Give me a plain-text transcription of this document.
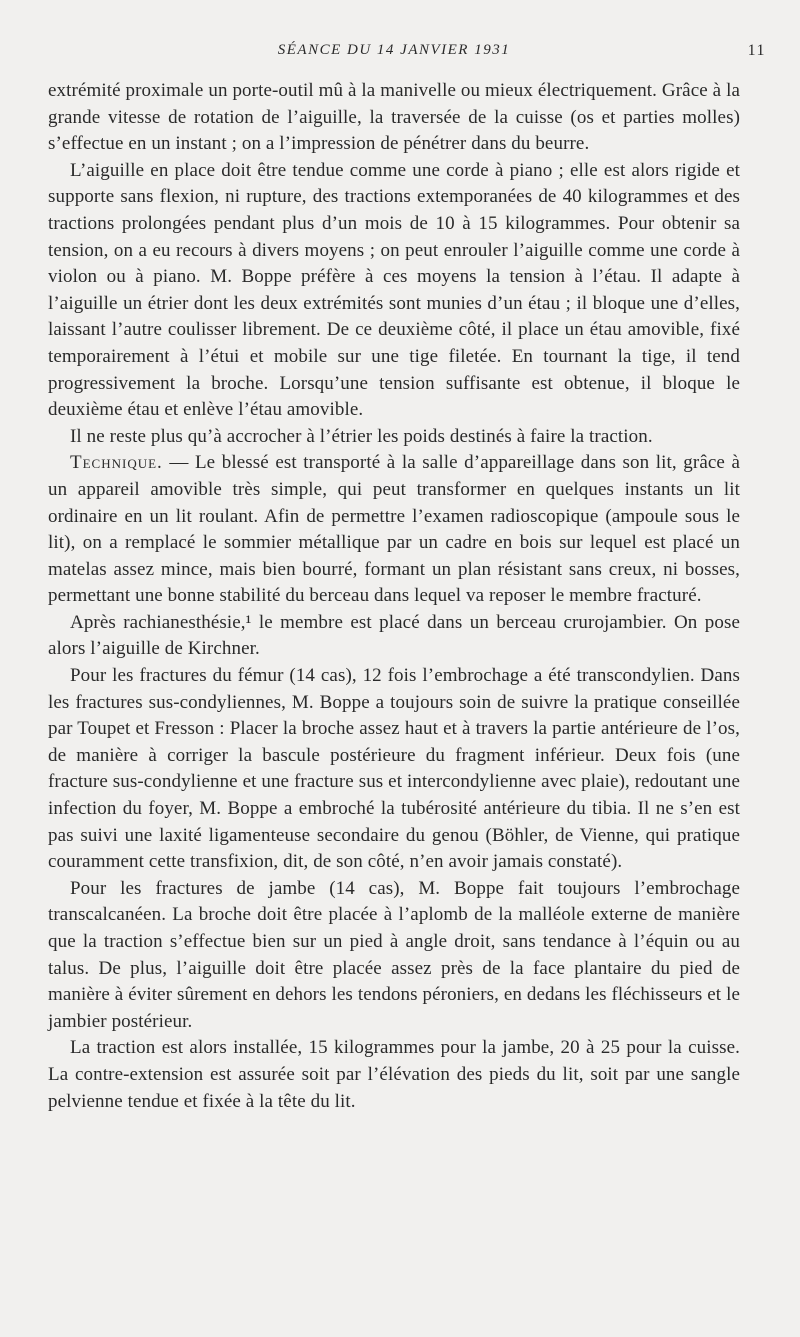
SÉANCE DU 14 JANVIER 1931	11

extrémité proximale un porte-outil mû à la manivelle ou mieux électriquement. Grâce à la grande vitesse de rotation de l’aiguille, la traversée de la cuisse (os et parties molles) s’effectue en un instant ; on a l’impression de pénétrer dans du beurre.

L’aiguille en place doit être tendue comme une corde à piano ; elle est alors rigide et supporte sans flexion, ni rupture, des tractions extemporanées de 40 kilogrammes et des tractions prolongées pendant plus d’un mois de 10 à 15 kilogrammes. Pour obtenir sa tension, on a eu recours à divers moyens ; on peut enrouler l’aiguille comme une corde à violon ou à piano. M. Boppe préfère à ces moyens la tension à l’étau. Il adapte à l’aiguille un étrier dont les deux extrémités sont munies d’un étau ; il bloque une d’elles, laissant l’autre coulisser librement. De ce deuxième côté, il place un étau amovible, fixé temporairement à l’étui et mobile sur une tige filetée. En tournant la tige, il tend progressivement la broche. Lorsqu’une tension suffisante est obtenue, il bloque le deuxième étau et enlève l’étau amovible.

Il ne reste plus qu’à accrocher à l’étrier les poids destinés à faire la traction.

Technique. — Le blessé est transporté à la salle d’appareillage dans son lit, grâce à un appareil amovible très simple, qui peut transformer en quelques instants un lit ordinaire en un lit roulant. Afin de permettre l’examen radioscopique (ampoule sous le lit), on a remplacé le sommier métallique par un cadre en bois sur lequel est placé un matelas assez mince, mais bien bourré, formant un plan résistant sans creux, ni bosses, permettant une bonne stabilité du berceau dans lequel va reposer le membre fracturé.

Après rachianesthésie,¹ le membre est placé dans un berceau crurojambier. On pose alors l’aiguille de Kirchner.

Pour les fractures du fémur (14 cas), 12 fois l’embrochage a été transcondylien. Dans les fractures sus-condyliennes, M. Boppe a toujours soin de suivre la pratique conseillée par Toupet et Fresson : Placer la broche assez haut et à travers la partie antérieure de l’os, de manière à corriger la bascule postérieure du fragment inférieur. Deux fois (une fracture sus-condylienne et une fracture sus et intercondylienne avec plaie), redoutant une infection du foyer, M. Boppe a embroché la tubérosité antérieure du tibia. Il ne s’en est pas suivi une laxité ligamenteuse secondaire du genou (Böhler, de Vienne, qui pratique couramment cette transfixion, dit, de son côté, n’en avoir jamais constaté).

Pour les fractures de jambe (14 cas), M. Boppe fait toujours l’embrochage transcalcanéen. La broche doit être placée à l’aplomb de la malléole externe de manière que la traction s’effectue bien sur un pied à angle droit, sans tendance à l’équin ou au talus. De plus, l’aiguille doit être placée assez près de la face plantaire du pied de manière à éviter sûrement en dehors les tendons péroniers, en dedans les fléchisseurs et le jambier postérieur.

La traction est alors installée, 15 kilogrammes pour la jambe, 20 à 25 pour la cuisse. La contre-extension est assurée soit par l’élévation des pieds du lit, soit par une sangle pelvienne tendue et fixée à la tête du lit.
